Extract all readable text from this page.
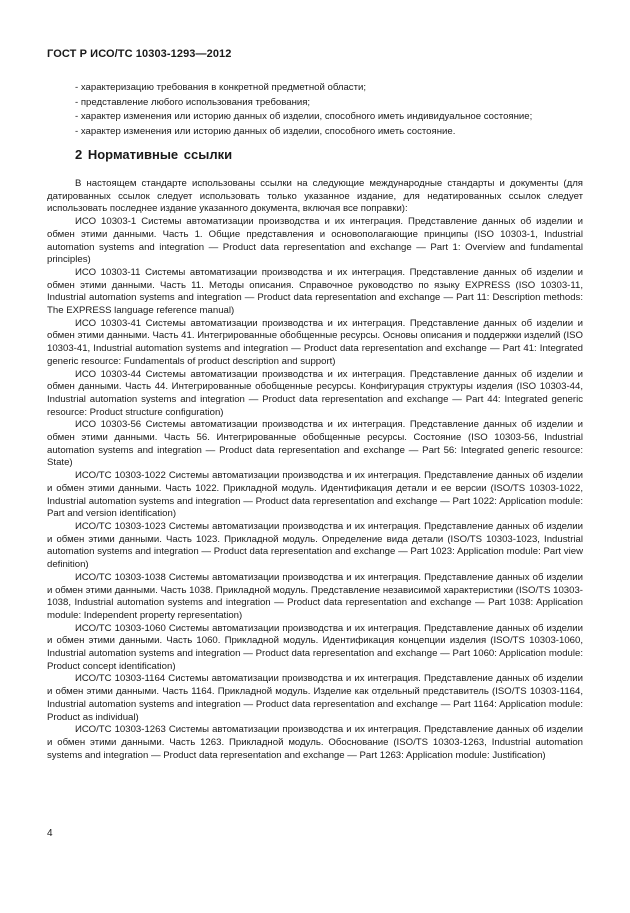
ГОСТ Р ИСО/ТС 10303-1293—2012
- характеризацию требования в конкретной предметной области;
- представление любого использования требования;
- характер изменения или историю данных об изделии, способного иметь индивидуальное состояние;
- характер изменения или историю данных об изделии, способного иметь состояние.
2 Нормативные ссылки

В настоящем стандарте использованы ссылки на следующие международные стандарты и документы (для датированных ссылок следует использовать только указанное издание, для недатированных ссылок следует использовать последнее издание указанного документа, включая все поправки):

ИСО 10303-1 Системы автоматизации производства и их интеграция. Представление данных об изделии и обмен этими данными. Часть 1. Общие представления и основополагающие принципы (ISO 10303-1, Industrial automation systems and integration — Product data representation and exchange — Part 1: Overview and fundamental principles)

ИСО 10303-11 Системы автоматизации производства и их интеграция. Представление данных об изделии и обмен этими данными. Часть 11. Методы описания. Справочное руководство по языку EXPRESS (ISO 10303-11, Industrial automation systems and integration — Product data representation and exchange — Part 11: Description methods: The EXPRESS language reference manual)

ИСО 10303-41 Системы автоматизации производства и их интеграция. Представление данных об изделии и обмен этими данными. Часть 41. Интегрированные обобщенные ресурсы. Основы описания и поддержки изделий (ISO 10303-41, Industrial automation systems and integration — Product data representation and exchange — Part 41: Integrated generic resource: Fundamentals of product description and support)

ИСО 10303-44 Системы автоматизации производства и их интеграция. Представление данных об изделии и обмен данными. Часть 44. Интегрированные обобщенные ресурсы. Конфигурация структуры изделия (ISO 10303-44, Industrial automation systems and integration — Product data representation and exchange — Part 44: Integrated generic resource: Product structure configuration)

ИСО 10303-56 Системы автоматизации производства и их интеграция. Представление данных об изделии и обмен этими данными. Часть 56. Интегрированные обобщенные ресурсы. Состояние (ISO 10303-56, Industrial automation systems and integration — Product data representation and exchange — Part 56: Integrated generic resource: State)

ИСО/ТС 10303-1022 Системы автоматизации производства и их интеграция. Представление данных об изделии и обмен этими данными. Часть 1022. Прикладной модуль. Идентификация детали и ее версии (ISO/TS 10303-1022, Industrial automation systems and integration — Product data representation and exchange — Part 1022: Application module: Part and version identification)

ИСО/ТС 10303-1023 Системы автоматизации производства и их интеграция. Представление данных об изделии и обмен этими данными. Часть 1023. Прикладной модуль. Определение вида детали (ISO/TS 10303-1023, Industrial automation systems and integration — Product data representation and exchange — Part 1023: Application module: Part view definition)

ИСО/ТС 10303-1038 Системы автоматизации производства и их интеграция. Представление данных об изделии и обмен этими данными. Часть 1038. Прикладной модуль. Представление независимой характеристики (ISO/TS 10303-1038, Industrial automation systems and integration — Product data representation and exchange — Part 1038: Application module: Independent property representation)

ИСО/ТС 10303-1060 Системы автоматизации производства и их интеграция. Представление данных об изделии и обмен этими данными. Часть 1060. Прикладной модуль. Идентификация концепции изделия (ISO/TS 10303-1060, Industrial automation systems and integration — Product data representation and exchange — Part 1060: Application module: Product concept identification)

ИСО/ТС 10303-1164 Системы автоматизации производства и их интеграция. Представление данных об изделии и обмен этими данными. Часть 1164. Прикладной модуль. Изделие как отдельный представитель (ISO/TS 10303-1164, Industrial automation systems and integration — Product data representation and exchange — Part 1164: Application module: Product as individual)

ИСО/ТС 10303-1263 Системы автоматизации производства и их интеграция. Представление данных об изделии и обмен этими данными. Часть 1263. Прикладной модуль. Обоснование (ISO/TS 10303-1263, Industrial automation systems and integration — Product data representation and exchange — Part 1263: Application module: Justification)

4
